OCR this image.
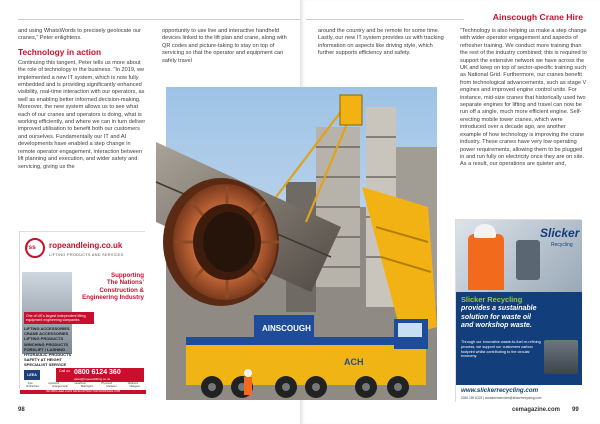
Ainscough Crane Hire

and using WhatsWords to precisely geolocate our cranes,” Peter enlightens.

Technology in action

Continuing this tangent, Peter tells us more about the role of technology in the business. “In 2019, we implemented a new IT system, which is now fully embedded and is providing significantly enhanced visibility, real-time interaction with our operators, as well as enabling better informed decision-making. Moreover, the new system allows us to see what each of our cranes and operators is doing, what is working efficiently, and where we can in turn deliver improved utilisation to benefit both our customers and ourselves. Fundamentally our IT and AI developments have enabled a step change in remote operator engagement, interaction between lift planning and execution, and wider safety and servicing, giving us the

opportunity to use live and interactive handheld devices linked to the lift plan and crane, along with QR codes and picture-taking to stay on top of servicing so that the operator and equipment can safely travel

around the country and be remote for some time. Lastly, our new IT system provides us with tracking information on aspects like driving style, which further supports efficiency and safety.

“Technology is also helping us make a step change with wider operator engagement and aspects of refresher training. We conduct more training than the rest of the industry combined; this is required to support the extensive network we have across the UK and keep on top of sector-specific training such as National Grid. Furthermore, our cranes benefit from technological advancements, such as stage V engines and improved engine control units. For instance, mid-size cranes that historically used two separate engines for lifting and travel can now be run off a single, much more efficient engine. Self-erecting mobile tower cranes, which were introduced over a decade ago, are another example of how technology is improving the crane industry. These cranes have very low operating power requirements, allowing them to be plugged in and run fully on electricity once they are on site. As a result, our operations are quieter and,

AINSCOUGH
ACH
rss ropeandleing.co.uk
LIFTING PRODUCTS AND SERVICES
Supporting
The Nations’
Construction &
Engineering Industry
One of UK’s largest independent lifting equipment engineering companies
LIFTING ACCESSORIES
CRANE ACCESSORIES
LIFTING PRODUCTS
WINCHING PRODUCTS
FORKLIFT / LASHING
HYDRAULIC PRODUCTS
SAFETY AT HEIGHT
SPECIALIST SERVICE
LEEA
Call us 0800 6124 360
sales@ropeandlifting.co.uk
Fyle	Aylesford	Heathrow	Plymouth	Nottheim
Rotherham	Grangemouth	Warrington	Uttoxeter	Glasgow
ISO 9001 LEEA CHAS SAFECONTRACTOR WORKSAFE CITB
Slicker
Recycling
Slicker Recycling
provides a sustainable
solution for waste oil
and workshop waste.
Through our innovative waste-to-fuel re-refining process, we support our customers carbon footprint whilst contributing to the circular economy.
www.slickerrecycling.com
0330 159 6323 | customerservices@slickerrecycling.com
98	cemagazine.com 99
